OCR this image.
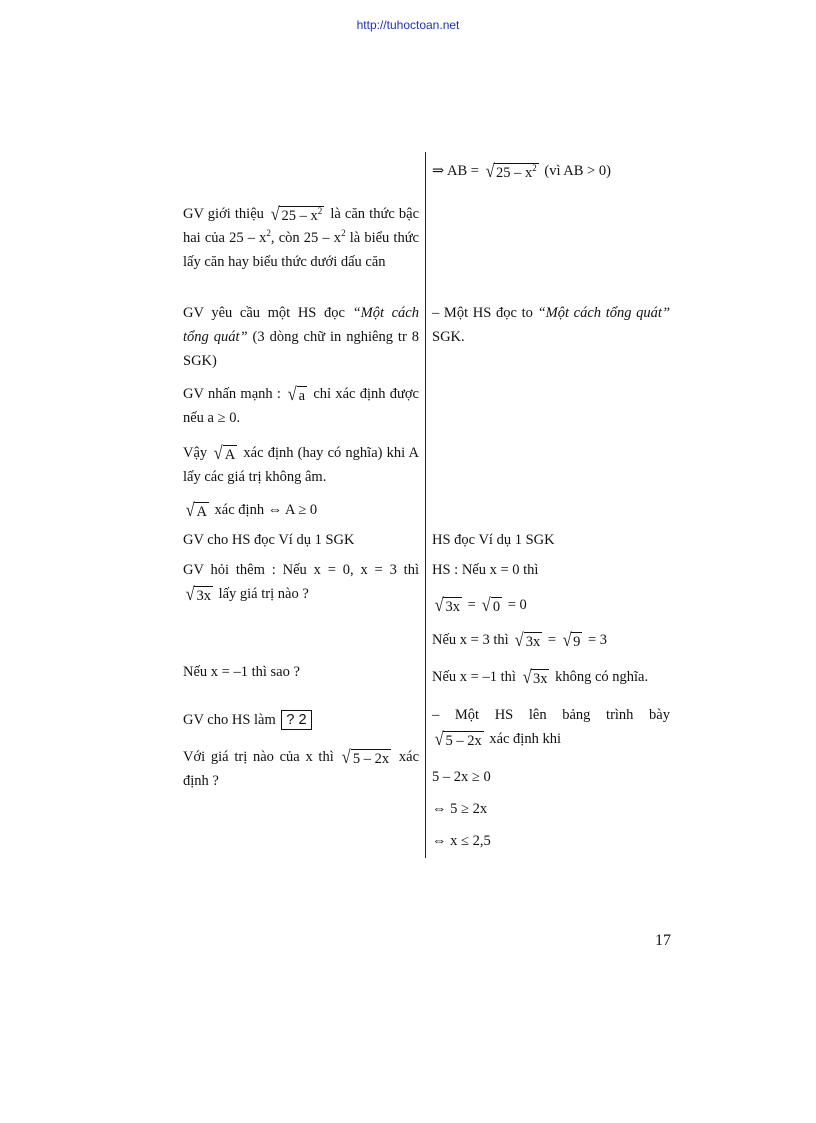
http://tuhoctoan.net
⇒ AB = √ $25 - x^2$ (vì AB > 0)
– Một HS đọc to “Một cách tổng quát” SGK.
HS đọc Ví dụ 1 SGK
HS : Nếu x = 0 thì
√ 3x = √ 0 = 0
Nếu x = 3 thì √ 3x = √ 9 = 3
Nếu x = –1 thì √ 3x không có nghĩa.
– Một HS lên bảng trình bày
√ 5 – 2x xác định khi
5 – 2x ≥ 0
⇔ 5 ≥ 2x
⇔ x ≤ 2,5
GV giới thiệu √ $25 - x^2$ là căn thức bậc hai của $25 - x^2$, còn $25 - x^2$ là biểu thức lấy căn hay biểu thức dưới dấu căn
GV yêu cầu một HS đọc “Một cách tổng quát” (3 dòng chữ in nghiêng tr 8 SGK)
GV nhấn mạnh : √ a chỉ xác định được nếu a ≥ 0.
Vậy √ A xác định (hay có nghĩa) khi A lấy các giá trị không âm.
√ A xác định ⇔ A ≥ 0
GV cho HS đọc Ví dụ 1 SGK
GV hỏi thêm : Nếu x = 0, x = 3 thì
√ 3x lấy giá trị nào ?
Nếu x = –1 thì sao ?
GV cho HS làm ? 2
Với giá trị nào của x thì √ 5 – 2x xác định ?
17
